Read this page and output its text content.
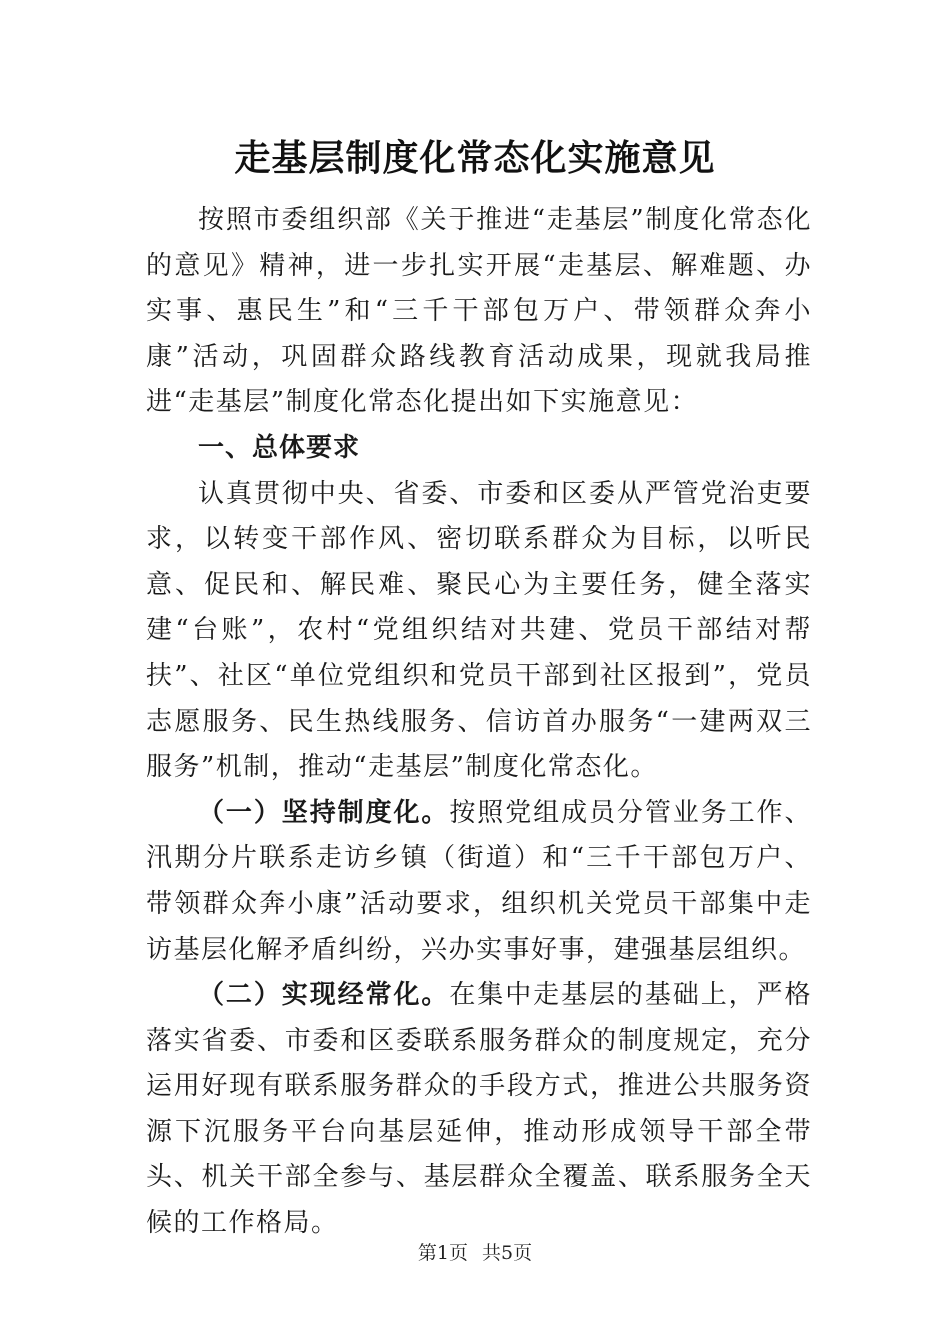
走基层制度化常态化实施意见

按照市委组织部《关于推进“走基层”制度化常态化的意见》精神，进一步扎实开展“走基层、解难题、办实事、惠民生”和“三千干部包万户、带领群众奔小康”活动，巩固群众路线教育活动成果，现就我局推进“走基层”制度化常态化提出如下实施意见：

一、总体要求

认真贯彻中央、省委、市委和区委从严管党治吏要求，以转变干部作风、密切联系群众为目标，以听民意、促民和、解民难、聚民心为主要任务，健全落实建“台账”，农村“党组织结对共建、党员干部结对帮扶”、社区“单位党组织和党员干部到社区报到”，党员志愿服务、民生热线服务、信访首办服务“一建两双三服务”机制，推动“走基层”制度化常态化。

（一）坚持制度化。按照党组成员分管业务工作、汛期分片联系走访乡镇（街道）和“三千干部包万户、带领群众奔小康”活动要求，组织机关党员干部集中走访基层化解矛盾纠纷，兴办实事好事，建强基层组织。

（二）实现经常化。在集中走基层的基础上，严格落实省委、市委和区委联系服务群众的制度规定，充分运用好现有联系服务群众的手段方式，推进公共服务资源下沉服务平台向基层延伸，推动形成领导干部全带头、机关干部全参与、基层群众全覆盖、联系服务全天候的工作格局。

第1页 共5页
